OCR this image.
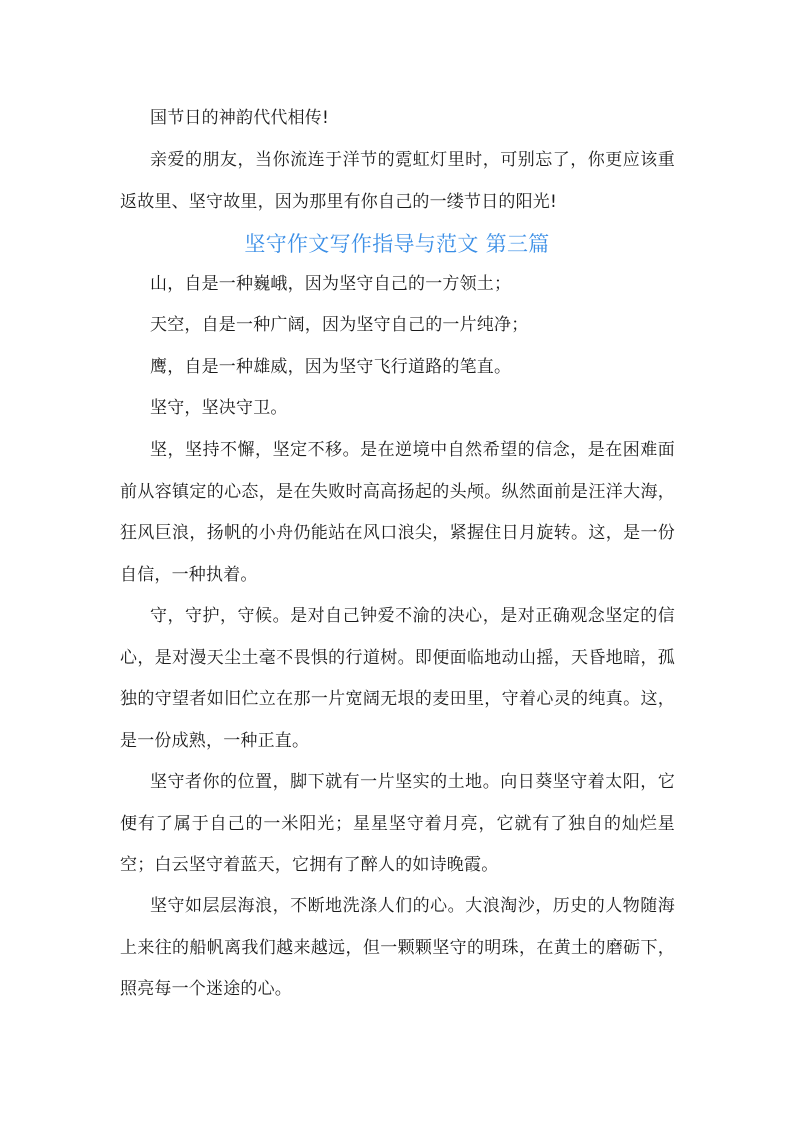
国节日的神韵代代相传!

亲爱的朋友，当你流连于洋节的霓虹灯里时，可别忘了，你更应该重返故里、坚守故里，因为那里有你自己的一缕节日的阳光!

坚守作文写作指导与范文 第三篇

山，自是一种巍峨，因为坚守自己的一方领土；

天空，自是一种广阔，因为坚守自己的一片纯净；

鹰，自是一种雄威，因为坚守飞行道路的笔直。

坚守，坚决守卫。

坚，坚持不懈，坚定不移。是在逆境中自然希望的信念，是在困难面前从容镇定的心态，是在失败时高高扬起的头颅。纵然面前是汪洋大海，狂风巨浪，扬帆的小舟仍能站在风口浪尖，紧握住日月旋转。这，是一份自信，一种执着。

守，守护，守候。是对自己钟爱不渝的决心，是对正确观念坚定的信心，是对漫天尘土毫不畏惧的行道树。即便面临地动山摇，天昏地暗，孤独的守望者如旧伫立在那一片宽阔无垠的麦田里，守着心灵的纯真。这，是一份成熟，一种正直。

坚守者你的位置，脚下就有一片坚实的土地。向日葵坚守着太阳，它便有了属于自己的一米阳光；星星坚守着月亮，它就有了独自的灿烂星空；白云坚守着蓝天，它拥有了醉人的如诗晚霞。

坚守如层层海浪，不断地洗涤人们的心。大浪淘沙，历史的人物随海上来往的船帆离我们越来越远，但一颗颗坚守的明珠，在黄土的磨砺下，照亮每一个迷途的心。
